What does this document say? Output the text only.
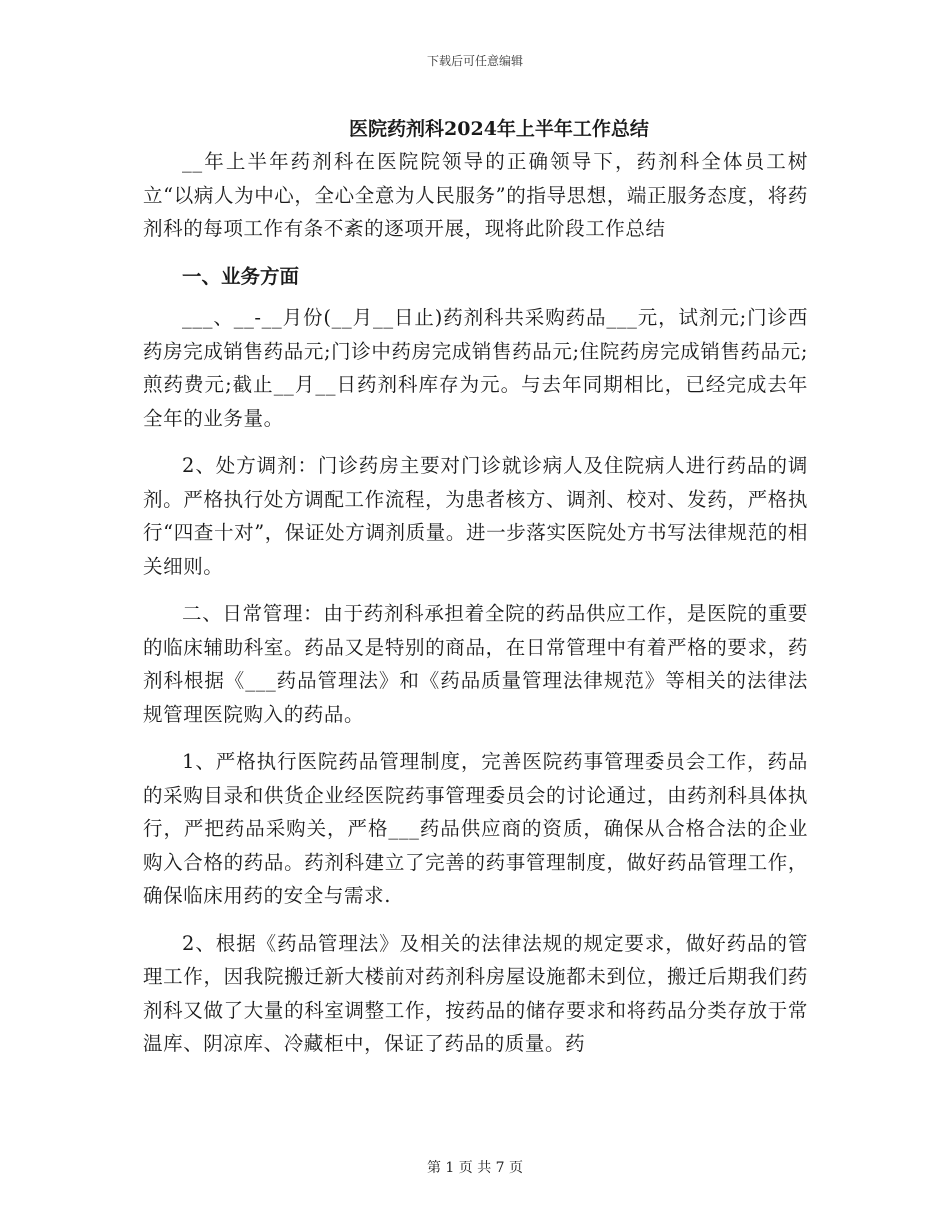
下载后可任意编辑
医院药剂科2024年上半年工作总结

__年上半年药剂科在医院院领导的正确领导下，药剂科全体员工树立“以病人为中心，全心全意为人民服务”的指导思想，端正服务态度，将药剂科的每项工作有条不紊的逐项开展，现将此阶段工作总结

一、业务方面

___、__-__月份(__月__日止)药剂科共采购药品___元，试剂元;门诊西药房完成销售药品元;门诊中药房完成销售药品元;住院药房完成销售药品元;煎药费元;截止__月__日药剂科库存为元。与去年同期相比，已经完成去年全年的业务量。

2、处方调剂：门诊药房主要对门诊就诊病人及住院病人进行药品的调剂。严格执行处方调配工作流程，为患者核方、调剂、校对、发药，严格执行“四查十对”，保证处方调剂质量。进一步落实医院处方书写法律规范的相关细则。

二、日常管理：由于药剂科承担着全院的药品供应工作，是医院的重要的临床辅助科室。药品又是特别的商品，在日常管理中有着严格的要求，药剂科根据《___药品管理法》和《药品质量管理法律规范》等相关的法律法规管理医院购入的药品。

1、严格执行医院药品管理制度，完善医院药事管理委员会工作，药品的采购目录和供货企业经医院药事管理委员会的讨论通过，由药剂科具体执行，严把药品采购关，严格___药品供应商的资质，确保从合格合法的企业购入合格的药品。药剂科建立了完善的药事管理制度，做好药品管理工作，确保临床用药的安全与需求.

2、根据《药品管理法》及相关的法律法规的规定要求，做好药品的管理工作，因我院搬迁新大楼前对药剂科房屋设施都未到位，搬迁后期我们药剂科又做了大量的科室调整工作，按药品的储存要求和将药品分类存放于常温库、阴凉库、冷藏柜中，保证了药品的质量。药

第 1 页 共 7 页
